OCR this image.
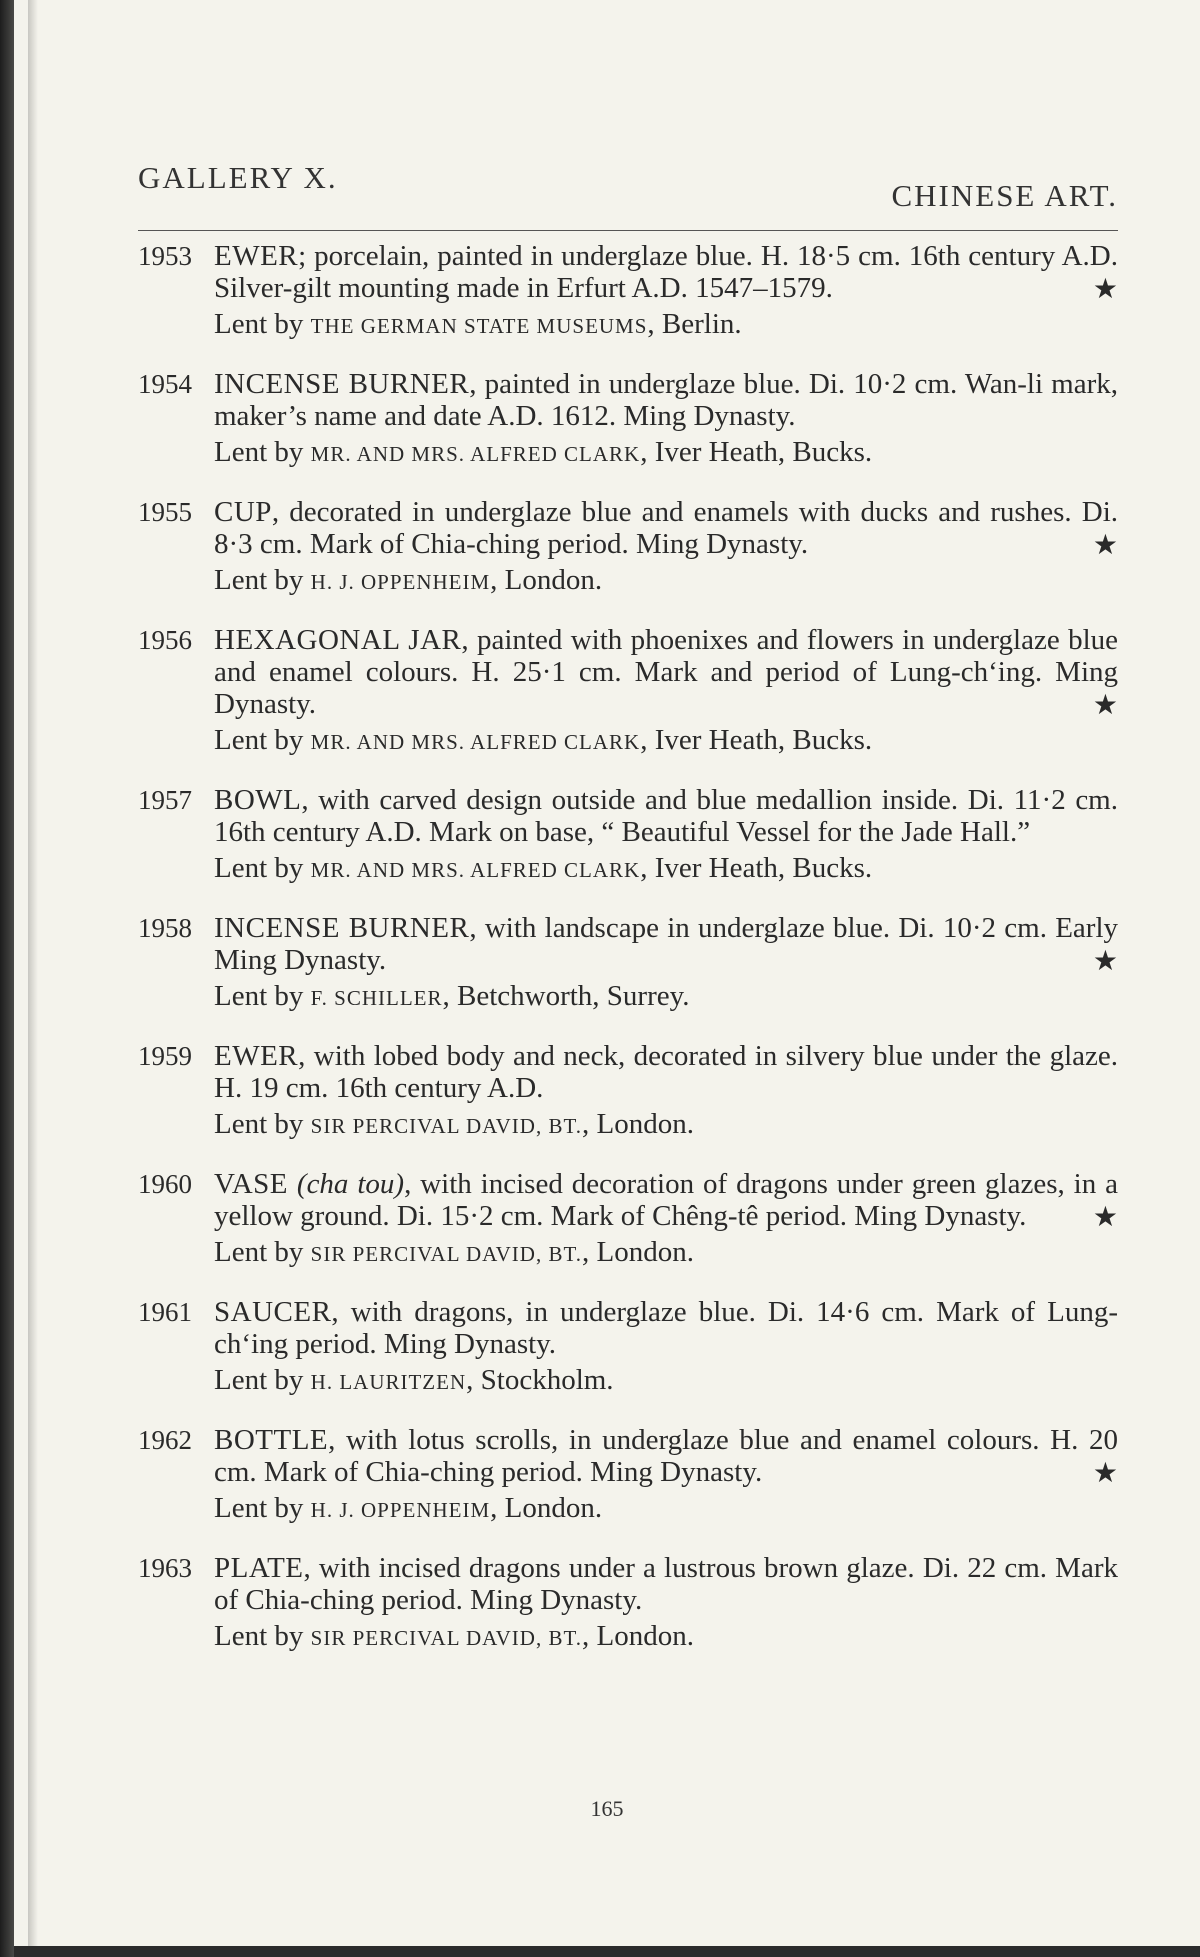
GALLERY X.
CHINESE ART.
1953 EWER; porcelain, painted in underglaze blue. H. 18·5 cm. 16th century A.D. Silver-gilt mounting made in Erfurt A.D. 1547–1579.	★
Lent by THE GERMAN STATE MUSEUMS, Berlin.
1954 INCENSE BURNER, painted in underglaze blue. Di. 10·2 cm. Wan-li mark, maker’s name and date A.D. 1612. Ming Dynasty.
Lent by MR. AND MRS. ALFRED CLARK, Iver Heath, Bucks.
1955 CUP, decorated in underglaze blue and enamels with ducks and rushes. Di. 8·3 cm. Mark of Chia-ching period. Ming Dynasty.	★
Lent by H. J. OPPENHEIM, London.
1956 HEXAGONAL JAR, painted with phoenixes and flowers in underglaze blue and enamel colours. H. 25·1 cm. Mark and period of Lung-ch‘ing. Ming Dynasty.	★
Lent by MR. AND MRS. ALFRED CLARK, Iver Heath, Bucks.
1957 BOWL, with carved design outside and blue medallion inside. Di. 11·2 cm. 16th century A.D. Mark on base, “ Beautiful Vessel for the Jade Hall.”
Lent by MR. AND MRS. ALFRED CLARK, Iver Heath, Bucks.
1958 INCENSE BURNER, with landscape in underglaze blue. Di. 10·2 cm. Early Ming Dynasty.	★
Lent by F. SCHILLER, Betchworth, Surrey.
1959 EWER, with lobed body and neck, decorated in silvery blue under the glaze. H. 19 cm. 16th century A.D.
Lent by SIR PERCIVAL DAVID, BT., London.
1960 VASE (cha tou), with incised decoration of dragons under green glazes, in a yellow ground. Di. 15·2 cm. Mark of Chêng-tê period. Ming Dynasty.	★
Lent by SIR PERCIVAL DAVID, BT., London.
1961 SAUCER, with dragons, in underglaze blue. Di. 14·6 cm. Mark of Lung-ch‘ing period. Ming Dynasty.
Lent by H. LAURITZEN, Stockholm.
1962 BOTTLE, with lotus scrolls, in underglaze blue and enamel colours. H. 20 cm. Mark of Chia-ching period. Ming Dynasty.	★
Lent by H. J. OPPENHEIM, London.
1963 PLATE, with incised dragons under a lustrous brown glaze. Di. 22 cm. Mark of Chia-ching period. Ming Dynasty.
Lent by SIR PERCIVAL DAVID, BT., London.
165
